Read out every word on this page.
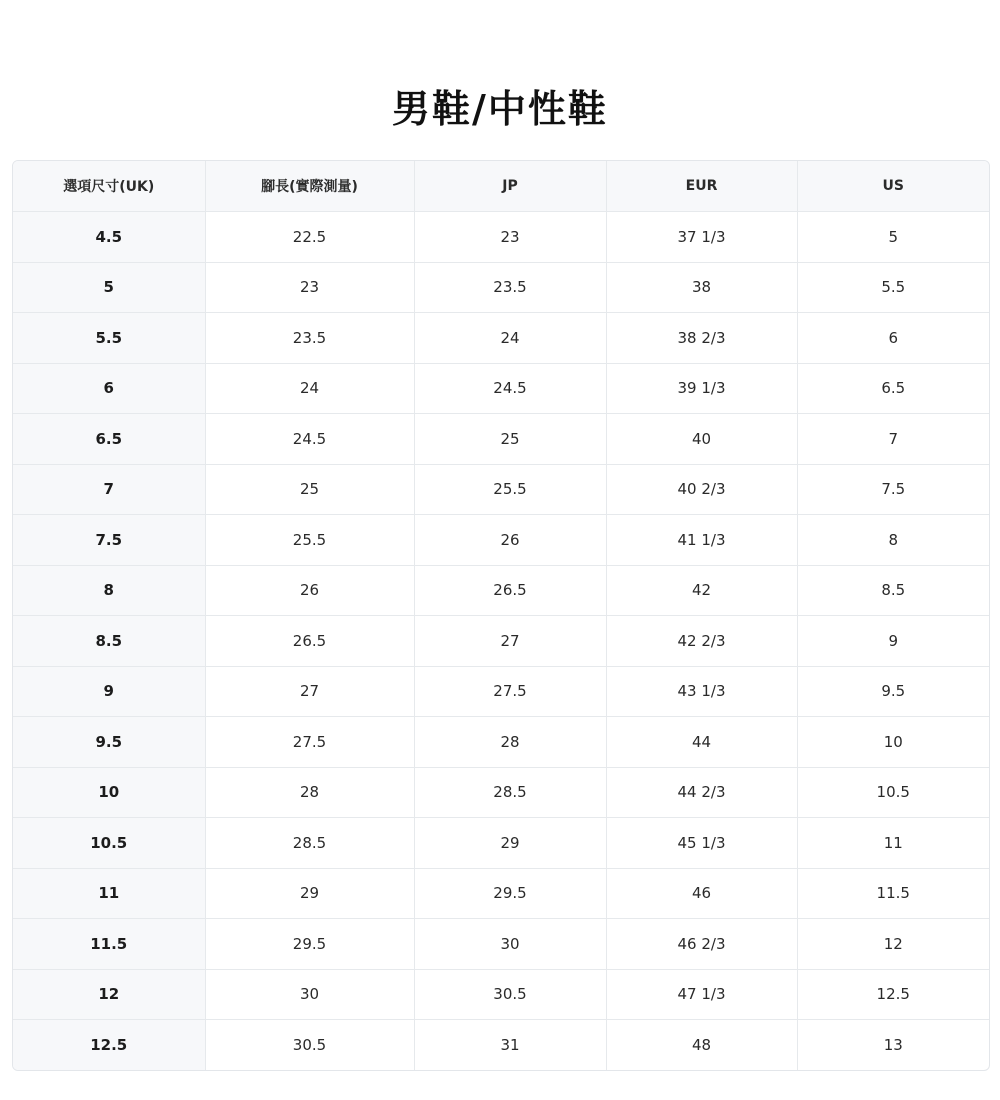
男鞋/中性鞋
選項尺寸(UK)	腳長(實際測量)	JP	EUR	US
4.5	22.5	23	37 1/3	5
5	23	23.5	38	5.5
5.5	23.5	24	38 2/3	6
6	24	24.5	39 1/3	6.5
6.5	24.5	25	40	7
7	25	25.5	40 2/3	7.5
7.5	25.5	26	41 1/3	8
8	26	26.5	42	8.5
8.5	26.5	27	42 2/3	9
9	27	27.5	43 1/3	9.5
9.5	27.5	28	44	10
10	28	28.5	44 2/3	10.5
10.5	28.5	29	45 1/3	11
11	29	29.5	46	11.5
11.5	29.5	30	46 2/3	12
12	30	30.5	47 1/3	12.5
12.5	30.5	31	48	13
